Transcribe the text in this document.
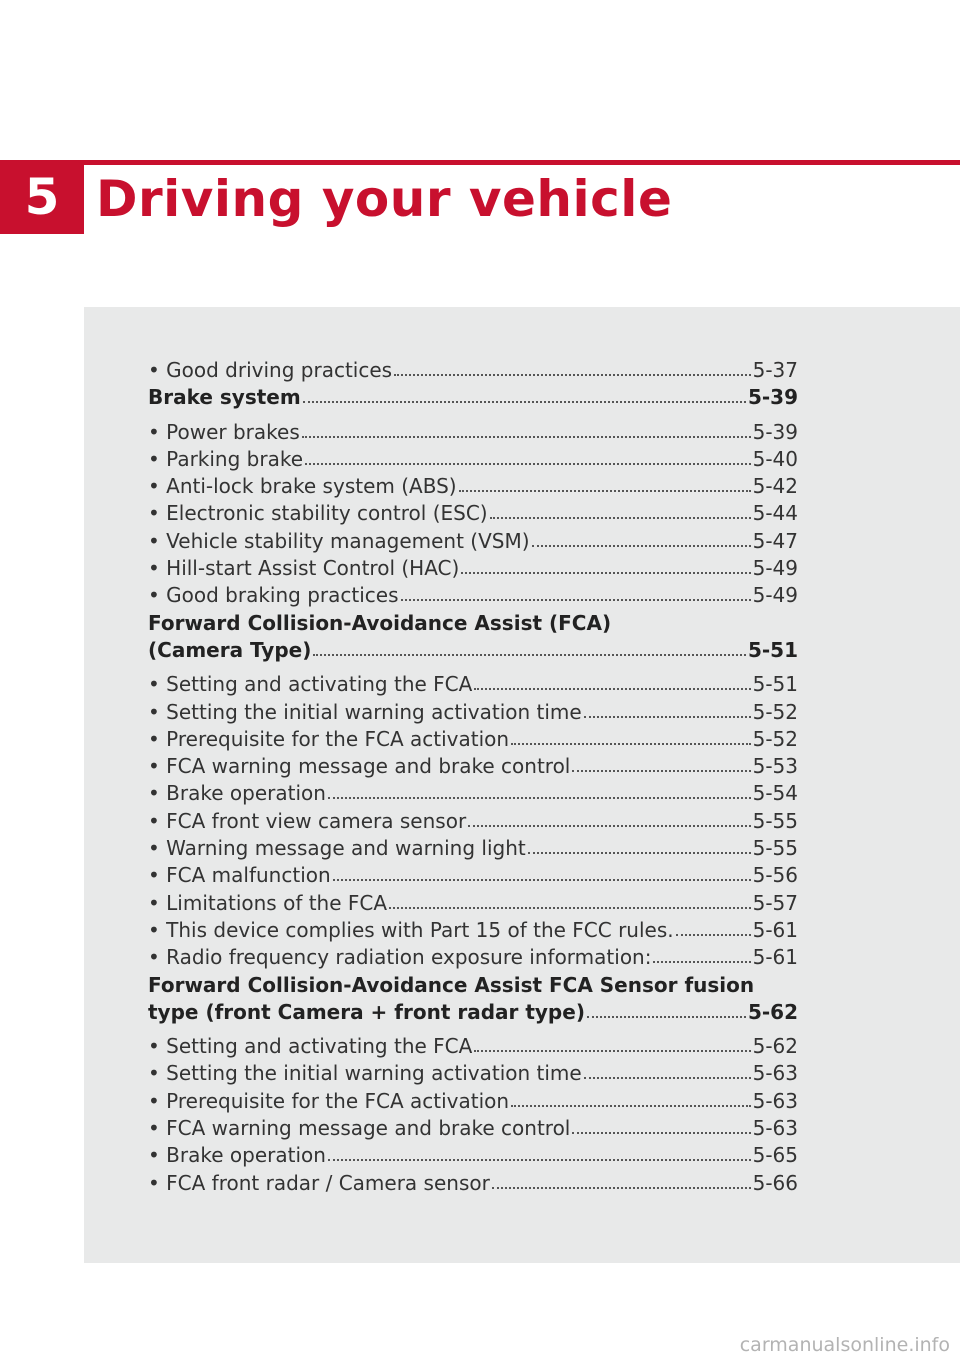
5 Driving your vehicle
• Good driving practices	5-37
Brake system	5-39
• Power brakes	5-39
• Parking brake	5-40
• Anti-lock brake system (ABS)	5-42
• Electronic stability control (ESC)	5-44
• Vehicle stability management (VSM)	5-47
• Hill-start Assist Control (HAC)	5-49
• Good braking practices	5-49
Forward Collision-Avoidance Assist (FCA)
(Camera Type)	5-51
• Setting and activating the FCA	5-51
• Setting the initial warning activation time	5-52
• Prerequisite for the FCA activation	5-52
• FCA warning message and brake control	5-53
• Brake operation	5-54
• FCA front view camera sensor	5-55
• Warning message and warning light	5-55
• FCA malfunction	5-56
• Limitations of the FCA	5-57
• This device complies with Part 15 of the FCC rules.	5-61
• Radio frequency radiation exposure information:	5-61
Forward Collision-Avoidance Assist FCA Sensor fusion
type (front Camera + front radar type)	5-62
• Setting and activating the FCA	5-62
• Setting the initial warning activation time	5-63
• Prerequisite for the FCA activation	5-63
• FCA warning message and brake control	5-63
• Brake operation	5-65
• FCA front radar / Camera sensor	5-66
carmanualsonline.info
